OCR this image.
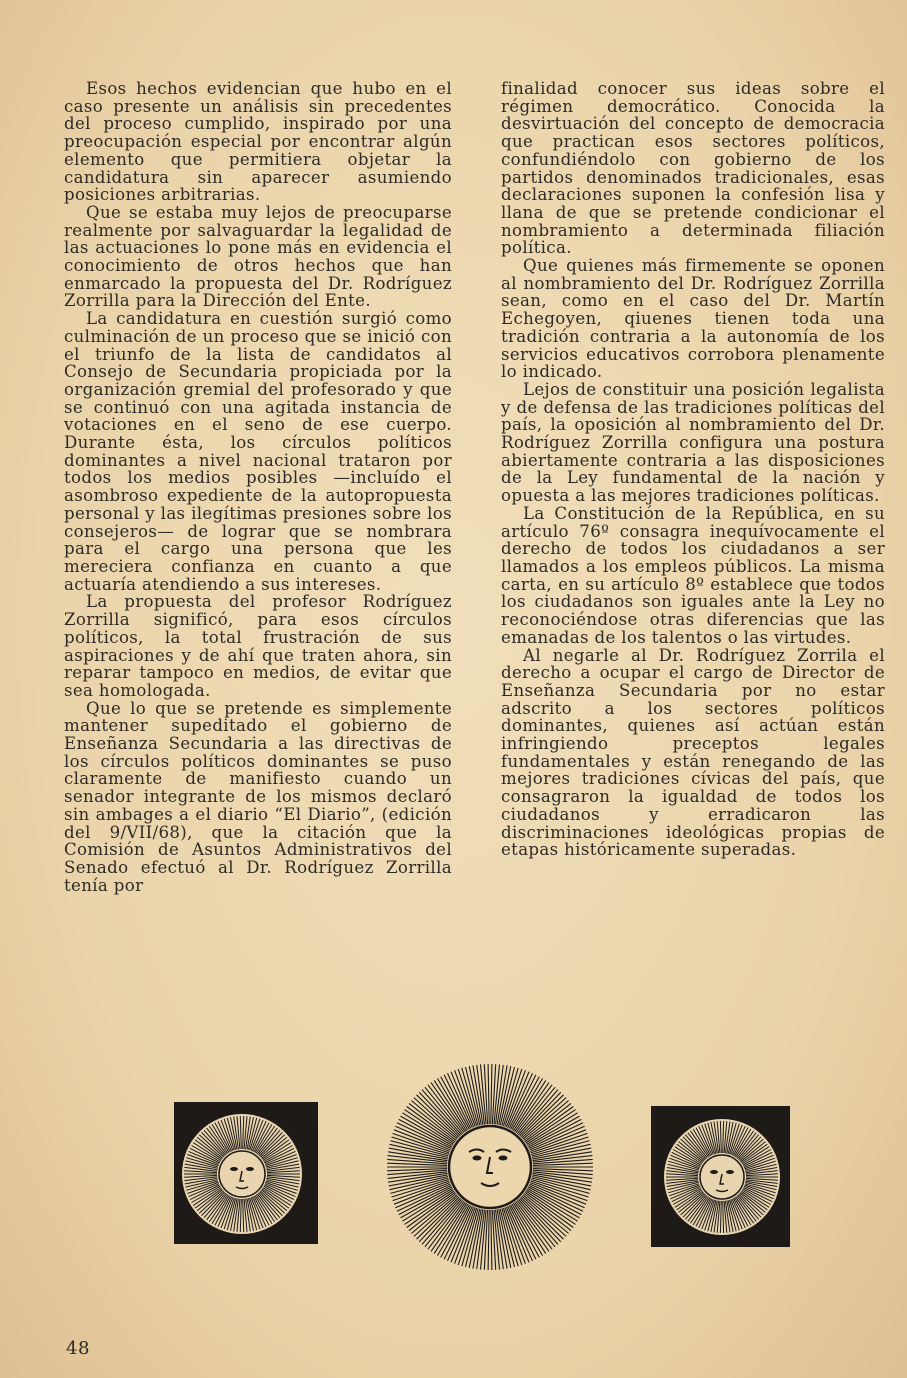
Esos hechos evidencian que hubo en el caso presente un análisis sin precedentes del proceso cumplido, inspirado por una preocupación especial por encontrar algún elemento que permitiera objetar la candidatura sin aparecer asumiendo posiciones arbitrarias.

Que se estaba muy lejos de preocuparse realmente por salvaguardar la legalidad de las actuaciones lo pone más en evidencia el conocimiento de otros hechos que han enmarcado la propuesta del Dr. Rodríguez Zorrilla para la Dirección del Ente.

La candidatura en cuestión surgió como culminación de un proceso que se inició con el triunfo de la lista de candidatos al Consejo de Secundaria propiciada por la organización gremial del profesorado y que se continuó con una agitada instancia de votaciones en el seno de ese cuerpo. Durante ésta, los círculos políticos dominantes a nivel nacional trataron por todos los medios posibles —incluído el asombroso expediente de la autopropuesta personal y las ilegítimas presiones sobre los consejeros— de lograr que se nombrara para el cargo una persona que les mereciera confianza en cuanto a que actuaría atendiendo a sus intereses.

La propuesta del profesor Rodríguez Zorrilla significó, para esos círculos políticos, la total frustración de sus aspiraciones y de ahí que traten ahora, sin reparar tampoco en medios, de evitar que sea homologada.

Que lo que se pretende es simplemente mantener supeditado el gobierno de Enseñanza Secundaria a las directivas de los círculos políticos dominantes se puso claramente de manifiesto cuando un senador integrante de los mismos declaró sin ambages a el diario “El Diario”, (edición del 9/VII/68), que la citación que la Comisión de Asuntos Administrativos del Senado efectuó al Dr. Rodríguez Zorrilla tenía por

finalidad conocer sus ideas sobre el régimen democrático. Conocida la desvirtuación del concepto de democracia que practican esos sectores políticos, confundiéndolo con gobierno de los partidos denominados tradicionales, esas declaraciones suponen la confesión lisa y llana de que se pretende condicionar el nombramiento a determinada filiación política.

Que quienes más firmemente se oponen al nombramiento del Dr. Rodríguez Zorrilla sean, como en el caso del Dr. Martín Echegoyen, qiuenes tienen toda una tradición contraria a la autonomía de los servicios educativos corrobora plenamente lo indicado.

Lejos de constituir una posición legalista y de defensa de las tradiciones políticas del país, la oposición al nombramiento del Dr. Rodríguez Zorrilla configura una postura abiertamente contraria a las disposiciones de la Ley fundamental de la nación y opuesta a las mejores tradiciones políticas.

La Constitución de la República, en su artículo 76º consagra inequívocamente el derecho de todos los ciudadanos a ser llamados a los empleos públicos. La misma carta, en su artículo 8º establece que todos los ciudadanos son iguales ante la Ley no reconociéndose otras diferencias que las emanadas de los talentos o las virtudes.

Al negarle al Dr. Rodríguez Zorrila el derecho a ocupar el cargo de Director de Enseñanza Secundaria por no estar adscrito a los sectores políticos dominantes, quienes así actúan están infringiendo preceptos legales fundamentales y están renegando de las mejores tradiciones cívicas del país, que consagraron la igualdad de todos los ciudadanos y erradicaron las discriminaciones ideológicas propias de etapas históricamente superadas.

48
